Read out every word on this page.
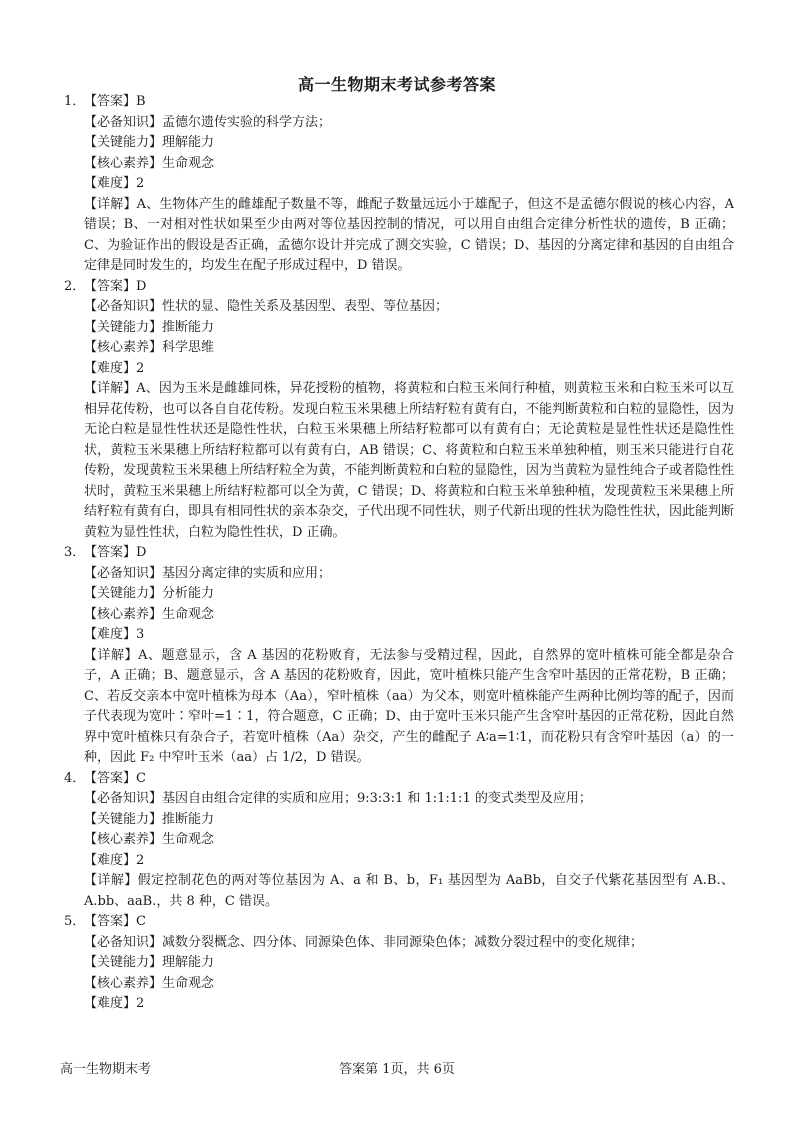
高一生物期末考试参考答案
1．【答案】B
【必备知识】孟德尔遗传实验的科学方法；
【关键能力】理解能力
【核心素养】生命观念
【难度】2

【详解】A、生物体产生的雌雄配子数量不等，雌配子数量远远小于雄配子，但这不是孟德尔假说的核心内容，A 错误；B、一对相对性状如果至少由两对等位基因控制的情况，可以用自由组合定律分析性状的遗传，B 正确；C、为验证作出的假设是否正确，孟德尔设计并完成了测交实验，C 错误；D、基因的分离定律和基因的自由组合定律是同时发生的，均发生在配子形成过程中，D 错误。

2．【答案】D
【必备知识】性状的显、隐性关系及基因型、表型、等位基因；
【关键能力】推断能力
【核心素养】科学思维
【难度】2

【详解】A、因为玉米是雌雄同株，异花授粉的植物，将黄粒和白粒玉米间行种植，则黄粒玉米和白粒玉米可以互相异花传粉，也可以各自自花传粉。发现白粒玉米果穗上所结籽粒有黄有白，不能判断黄粒和白粒的显隐性，因为无论白粒是显性性状还是隐性性状，白粒玉米果穗上所结籽粒都可以有黄有白；无论黄粒是显性性状还是隐性性状，黄粒玉米果穗上所结籽粒都可以有黄有白，AB 错误；C、将黄粒和白粒玉米单独种植，则玉米只能进行自花传粉，发现黄粒玉米果穗上所结籽粒全为黄，不能判断黄粒和白粒的显隐性，因为当黄粒为显性纯合子或者隐性性状时，黄粒玉米果穗上所结籽粒都可以全为黄，C 错误；D、将黄粒和白粒玉米单独种植，发现黄粒玉米果穗上所结籽粒有黄有白，即具有相同性状的亲本杂交，子代出现不同性状，则子代新出现的性状为隐性性状，因此能判断黄粒为显性性状，白粒为隐性性状，D 正确。

3．【答案】D
【必备知识】基因分离定律的实质和应用；
【关键能力】分析能力
【核心素养】生命观念
【难度】3

【详解】A、题意显示，含 A 基因的花粉败育，无法参与受精过程，因此，自然界的宽叶植株可能全都是杂合子，A 正确；B、题意显示，含 A 基因的花粉败育，因此，宽叶植株只能产生含窄叶基因的正常花粉，B 正确；C、若反交亲本中宽叶植株为母本（Aa），窄叶植株（aa）为父本，则宽叶植株能产生两种比例均等的配子，因而子代表现为宽叶∶窄叶=1∶1，符合题意，C 正确；D、由于宽叶玉米只能产生含窄叶基因的正常花粉，因此自然界中宽叶植株只有杂合子，若宽叶植株（Aa）杂交，产生的雌配子 A∶a=1∶1，而花粉只有含窄叶基因（a）的一种，因此 F₂ 中窄叶玉米（aa）占 1/2，D 错误。

4．【答案】C
【必备知识】基因自由组合定律的实质和应用；9:3:3:1 和 1:1:1:1 的变式类型及应用；
【关键能力】推断能力
【核心素养】生命观念
【难度】2

【详解】假定控制花色的两对等位基因为 A、a 和 B、b，F₁ 基因型为 AaBb，自交子代紫花基因型有 A.B.、A.bb、aaB.，共 8 种，C 错误。

5．【答案】C
【必备知识】减数分裂概念、四分体、同源染色体、非同源染色体；减数分裂过程中的变化规律；
【关键能力】理解能力
【核心素养】生命观念
【难度】2
高一生物期末考	答案第 1页，共 6页
